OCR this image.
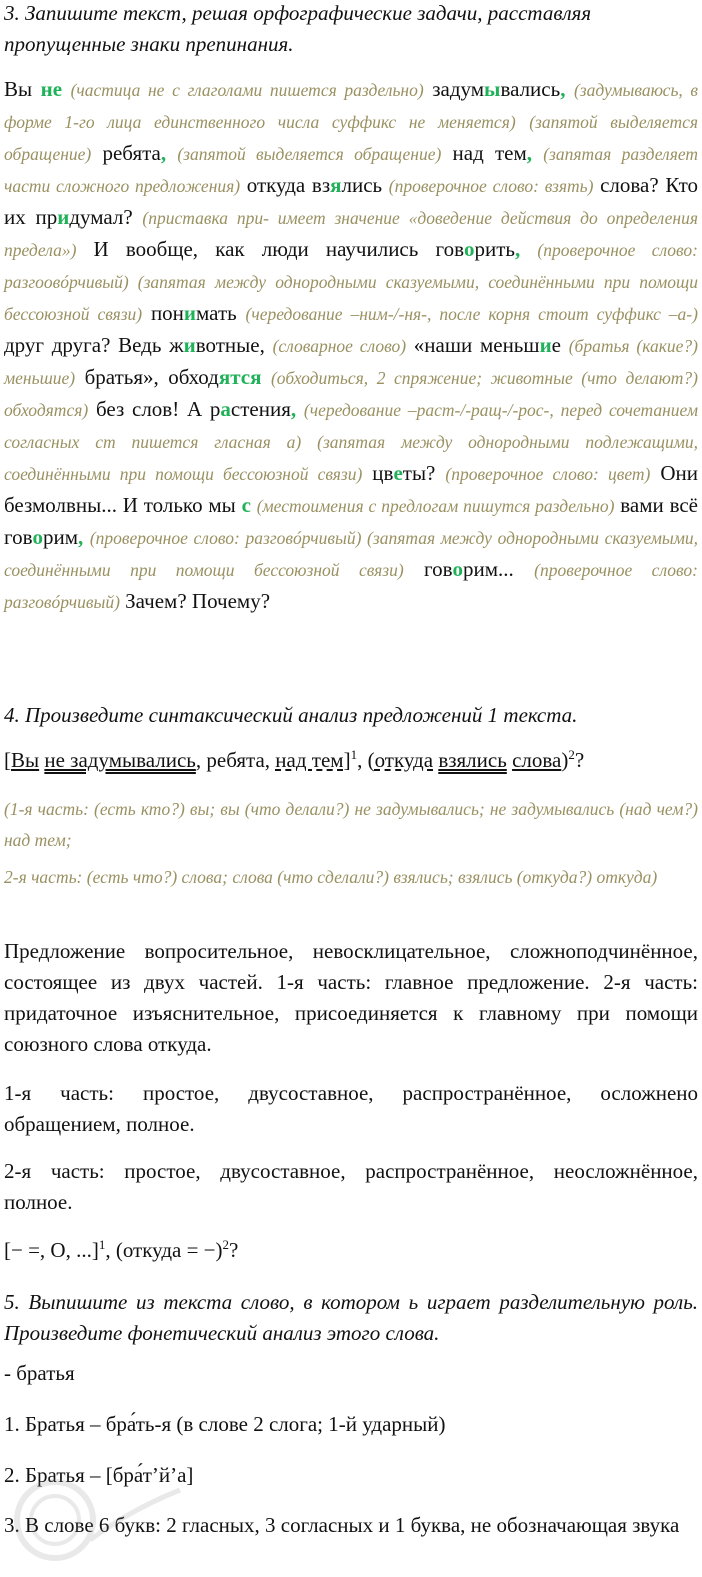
3. Запишите текст, решая орфографические задачи, расставляя пропущенные знаки препинания.

Вы не (частица не с глаголами пишется раздельно) задумывались, (задумываюсь, в форме 1-го лица единственного числа суффикс не меняется) (запятой выделяется обращение) ребята, (запятой выделяется обращение) над тем, (запятая разделяет части сложного предложения) откуда взялись (проверочное слово: взять) слова? Кто их придумал? (приставка при- имеет значение «доведение действия до определения предела») И вообще, как люди научились говорить, (проверочное слово: разгоовóрчивый) (запятая между однородными сказуемыми, соединёнными при помощи бессоюзной связи) понимать (чередование –ним-/-ня-, после корня стоит суффикс –а-) друг друга? Ведь животные, (словарное слово) «наши меньшие (братья (какие?) меньшие) братья», обходятся (обходиться, 2 спряжение; животные (что делают?) обходятся) без слов! А растения, (чередование –раст-/-ращ-/-рос-, перед сочетанием согласных ст пишется гласная а) (запятая между однородными подлежащими, соединёнными при помощи бессоюзной связи) цветы? (проверочное слово: цвет) Они безмолвны... И только мы с (местоимения с предлогам пишутся раздельно) вами всё говорим, (проверочное слово: разговóрчивый) (запятая между однородными сказуемыми, соединёнными при помощи бессоюзной связи) говорим... (проверочное слово: разговóрчивый) Зачем? Почему?

4. Произведите синтаксический анализ предложений 1 текста.

[Вы не задумывались, ребята, над тем]$^1$, (откуда взялись слова)$^2$?

(1-я часть: (есть кто?) вы; вы (что делали?) не задумывались; не задумывались (над чем?) над тем;

2-я часть: (есть что?) слова; слова (что сделали?) взялись; взялись (откуда?) откуда)

Предложение вопросительное, невосклицательное, сложноподчинённое, состоящее из двух частей. 1-я часть: главное предложение. 2-я часть: придаточное изъяснительное, присоединяется к главному при помощи союзного слова откуда.

1-я часть: простое, двусоставное, распространённое, осложнено обращением, полное.

2-я часть: простое, двусоставное, распространённое, неосложнённое, полное.

[− =, О, ...]$^1$, (откуда = −)$^2$?

5. Выпишите из текста слово, в котором ь играет разделительную роль. Произведите фонетический анализ этого слова.

- братья

1. Братья – бра́ть-я (в слове 2 слога; 1-й ударный)

2. Братья – [бра́т’й’а]

3. В слове 6 букв: 2 гласных, 3 согласных и 1 буква, не обозначающая звука
